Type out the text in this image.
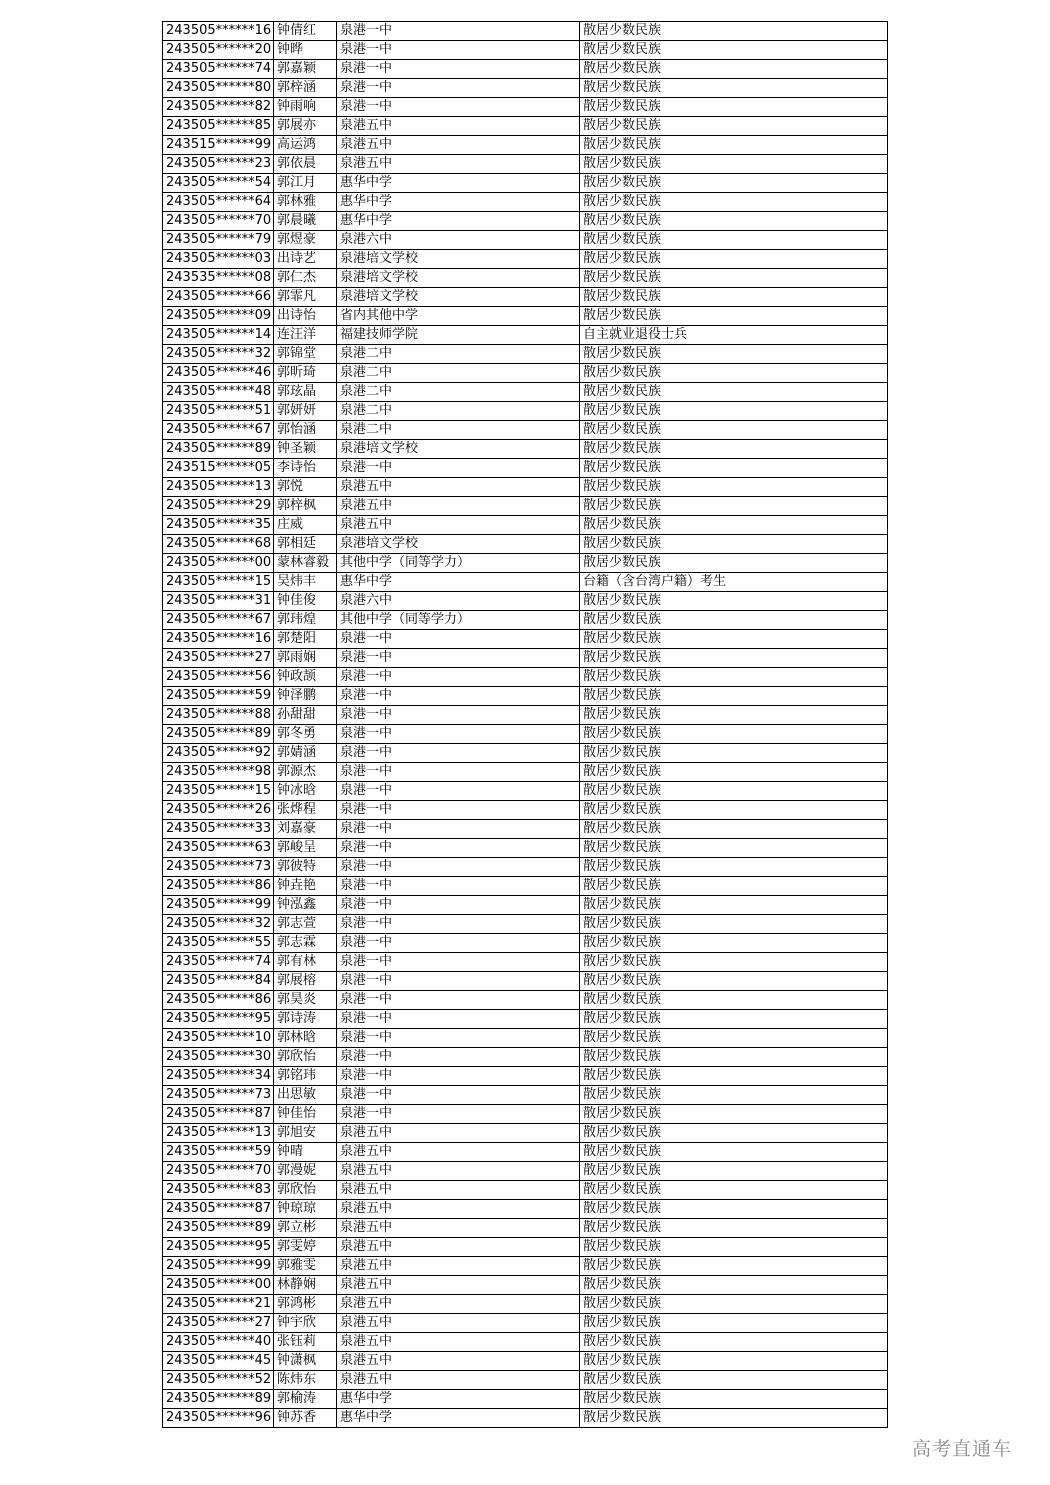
243505******16	钟倩红	泉港一中	散居少数民族
243505******20	钟晔	泉港一中	散居少数民族
243505******74	郭嘉颖	泉港一中	散居少数民族
243505******80	郭梓涵	泉港一中	散居少数民族
243505******82	钟雨响	泉港一中	散居少数民族
243505******85	郭展亦	泉港五中	散居少数民族
243515******99	高运鸿	泉港五中	散居少数民族
243505******23	郭依晨	泉港五中	散居少数民族
243505******54	郭江月	惠华中学	散居少数民族
243505******64	郭林雅	惠华中学	散居少数民族
243505******70	郭晨曦	惠华中学	散居少数民族
243505******79	郭煜豪	泉港六中	散居少数民族
243505******03	出诗艺	泉港培文学校	散居少数民族
243535******08	郭仁杰	泉港培文学校	散居少数民族
243505******66	郭霏凡	泉港培文学校	散居少数民族
243505******09	出诗怡	省内其他中学	散居少数民族
243505******14	连汪洋	福建技师学院	自主就业退役士兵
243505******32	郭锦堂	泉港二中	散居少数民族
243505******46	郭昕琦	泉港二中	散居少数民族
243505******48	郭玹晶	泉港二中	散居少数民族
243505******51	郭妍妍	泉港二中	散居少数民族
243505******67	郭怡涵	泉港二中	散居少数民族
243505******89	钟圣颖	泉港培文学校	散居少数民族
243515******05	李诗怡	泉港一中	散居少数民族
243505******13	郭悦	泉港五中	散居少数民族
243505******29	郭梓枫	泉港五中	散居少数民族
243505******35	庄威	泉港五中	散居少数民族
243505******68	郭相廷	泉港培文学校	散居少数民族
243505******00	蒙林睿毅	其他中学（同等学力）	散居少数民族
243505******15	吴炜丰	惠华中学	台籍（含台湾户籍）考生
243505******31	钟佳俊	泉港六中	散居少数民族
243505******67	郭玮煌	其他中学（同等学力）	散居少数民族
243505******16	郭楚阳	泉港一中	散居少数民族
243505******27	郭雨娴	泉港一中	散居少数民族
243505******56	钟政颉	泉港一中	散居少数民族
243505******59	钟泽鹏	泉港一中	散居少数民族
243505******88	孙甜甜	泉港一中	散居少数民族
243505******89	郭冬勇	泉港一中	散居少数民族
243505******92	郭婧涵	泉港一中	散居少数民族
243505******98	郭源杰	泉港一中	散居少数民族
243505******15	钟冰晗	泉港一中	散居少数民族
243505******26	张烨程	泉港一中	散居少数民族
243505******33	刘嘉豪	泉港一中	散居少数民族
243505******63	郭峻呈	泉港一中	散居少数民族
243505******73	郭彼特	泉港一中	散居少数民族
243505******86	钟垚艳	泉港一中	散居少数民族
243505******99	钟泓鑫	泉港一中	散居少数民族
243505******32	郭志萱	泉港一中	散居少数民族
243505******55	郭志霖	泉港一中	散居少数民族
243505******74	郭有林	泉港一中	散居少数民族
243505******84	郭展榕	泉港一中	散居少数民族
243505******86	郭昊炎	泉港一中	散居少数民族
243505******95	郭诗涛	泉港一中	散居少数民族
243505******10	郭林晗	泉港一中	散居少数民族
243505******30	郭欣怡	泉港一中	散居少数民族
243505******34	郭铭玮	泉港一中	散居少数民族
243505******73	出思敏	泉港一中	散居少数民族
243505******87	钟佳怡	泉港一中	散居少数民族
243505******13	郭旭安	泉港五中	散居少数民族
243505******59	钟晴	泉港五中	散居少数民族
243505******70	郭漫妮	泉港五中	散居少数民族
243505******83	郭欣怡	泉港五中	散居少数民族
243505******87	钟琼琼	泉港五中	散居少数民族
243505******89	郭立彬	泉港五中	散居少数民族
243505******95	郭雯婷	泉港五中	散居少数民族
243505******99	郭雅雯	泉港五中	散居少数民族
243505******00	林静娴	泉港五中	散居少数民族
243505******21	郭鸿彬	泉港五中	散居少数民族
243505******27	钟宇欣	泉港五中	散居少数民族
243505******40	张钰莉	泉港五中	散居少数民族
243505******45	钟潇枫	泉港五中	散居少数民族
243505******52	陈炜东	泉港五中	散居少数民族
243505******89	郭榆涛	惠华中学	散居少数民族
243505******96	钟苏香	惠华中学	散居少数民族
高考直通车
